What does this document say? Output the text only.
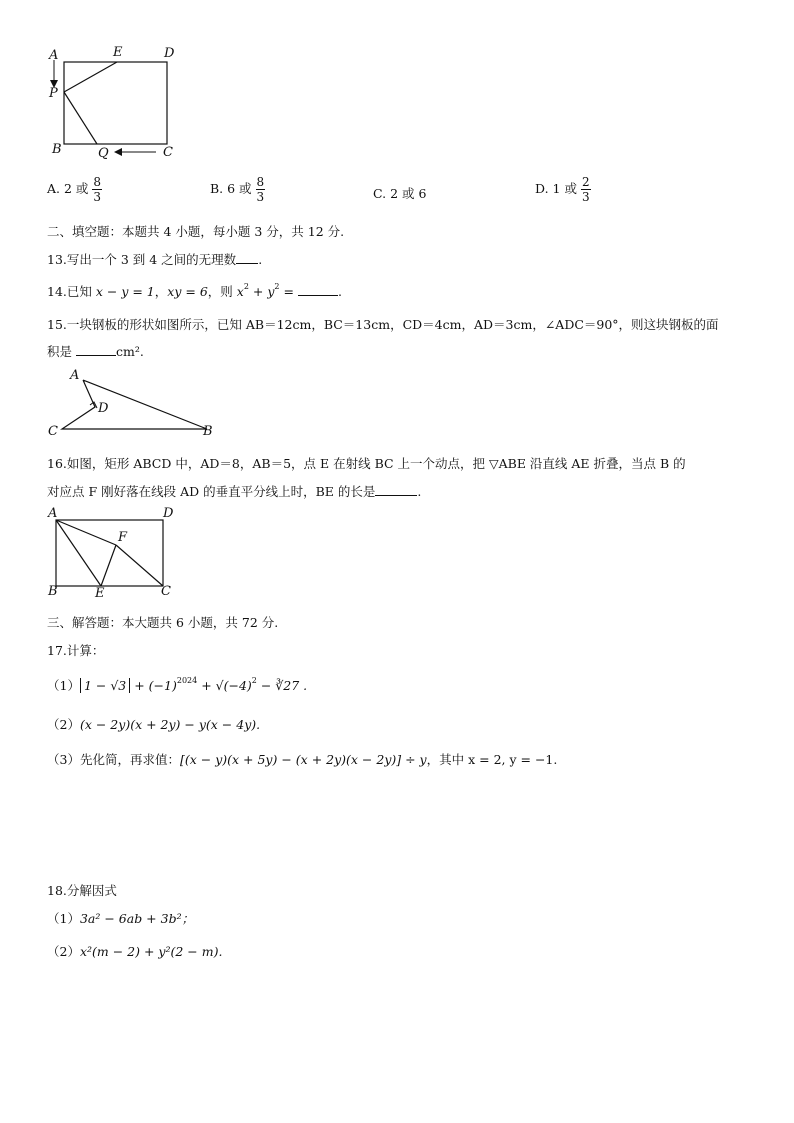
A	E	D
P
B	Q	C
A. 2 或 $\frac{8}{3}$	B. 6 或 $\frac{8}{3}$	C. 2 或 6	D. 1 或 $\frac{2}{3}$
二、填空题：本题共 4 小题，每小题 3 分，共 12 分.
13.写出一个 3 到 4 之间的无理数 .
14.已知 x − y = 1，xy = 6，则 $x^2 + y^2$ =	.
15.一块钢板的形状如图所示，已知 AB＝12cm，BC＝13cm，CD＝4cm，AD＝3cm，∠ADC＝90°，则这块钢板的面
积是	cm².
A
D
C	B
16.如图，矩形 ABCD 中，AD＝8，AB＝5，点 E 在射线 BC 上一个动点，把 ▽ABE 沿直线 AE 折叠，当点 B 的
对应点 F 刚好落在线段 AD 的垂直平分线上时，BE 的长是	.
A	D
F
B	E	C
三、解答题：本大题共 6 小题，共 72 分.
17.计算：
（1） $1 - √3 + (-1)^{2024} + √(-4)^2$ − ∛27 .
（2）(x − 2y)(x + 2y) − y(x − 4y).
（3）先化简，再求值：[(x − y)(x + 5y) − (x + 2y)(x − 2y)] ÷ y，其中 x = 2, y = −1.
18.分解因式
（1）3a² − 6ab + 3b²；
（2）x²(m − 2) + y²(2 − m).
